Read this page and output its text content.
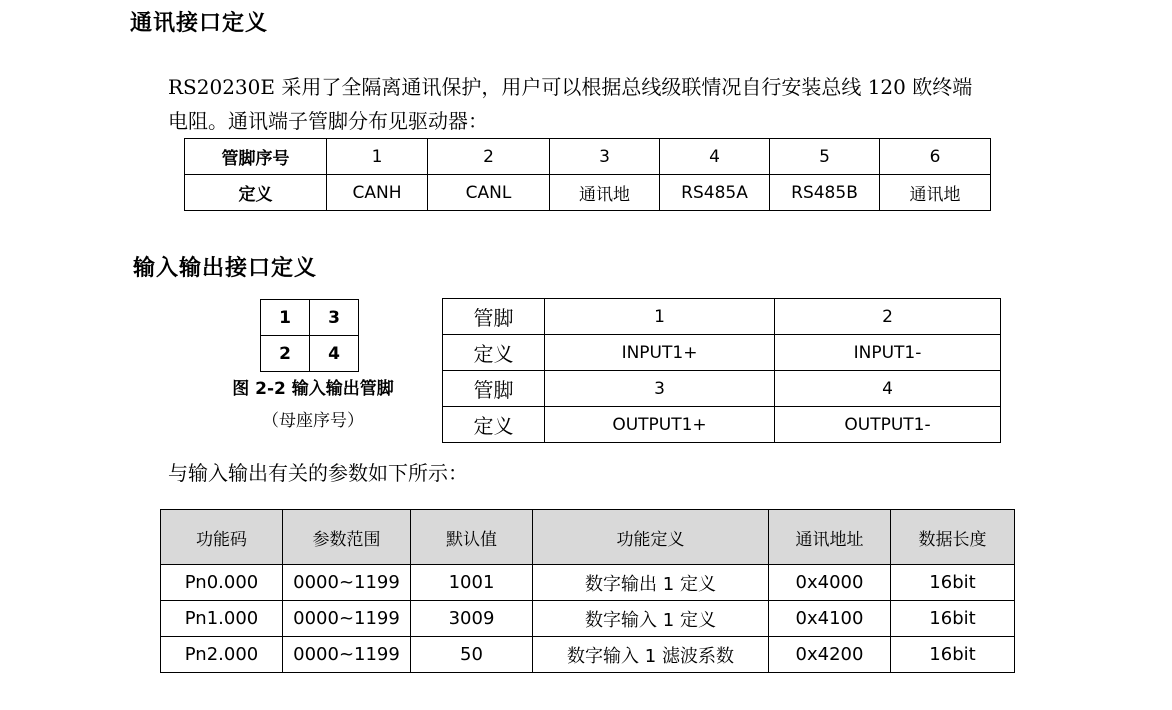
通讯接口定义
RS20230E 采用了全隔离通讯保护，用户可以根据总线级联情况自行安装总线 120 欧终端
电阻。通讯端子管脚分布见驱动器：
管脚序号	1	2	3	4	5	6
定义	CANH	CANL	通讯地	RS485A	RS485B	通讯地
输入输出接口定义
1	3
2	4
图 2-2 输入输出管脚
（母座序号）
管脚	1	2
定义	INPUT1+	INPUT1-
管脚	3	4
定义	OUTPUT1+	OUTPUT1-
与输入输出有关的参数如下所示：
功能码	参数范围	默认值	功能定义	通讯地址	数据长度
Pn0.000	0000~1199	1001	数字输出 1 定义	0x4000	16bit
Pn1.000	0000~1199	3009	数字输入 1 定义	0x4100	16bit
Pn2.000	0000~1199	50	数字输入 1 滤波系数	0x4200	16bit
